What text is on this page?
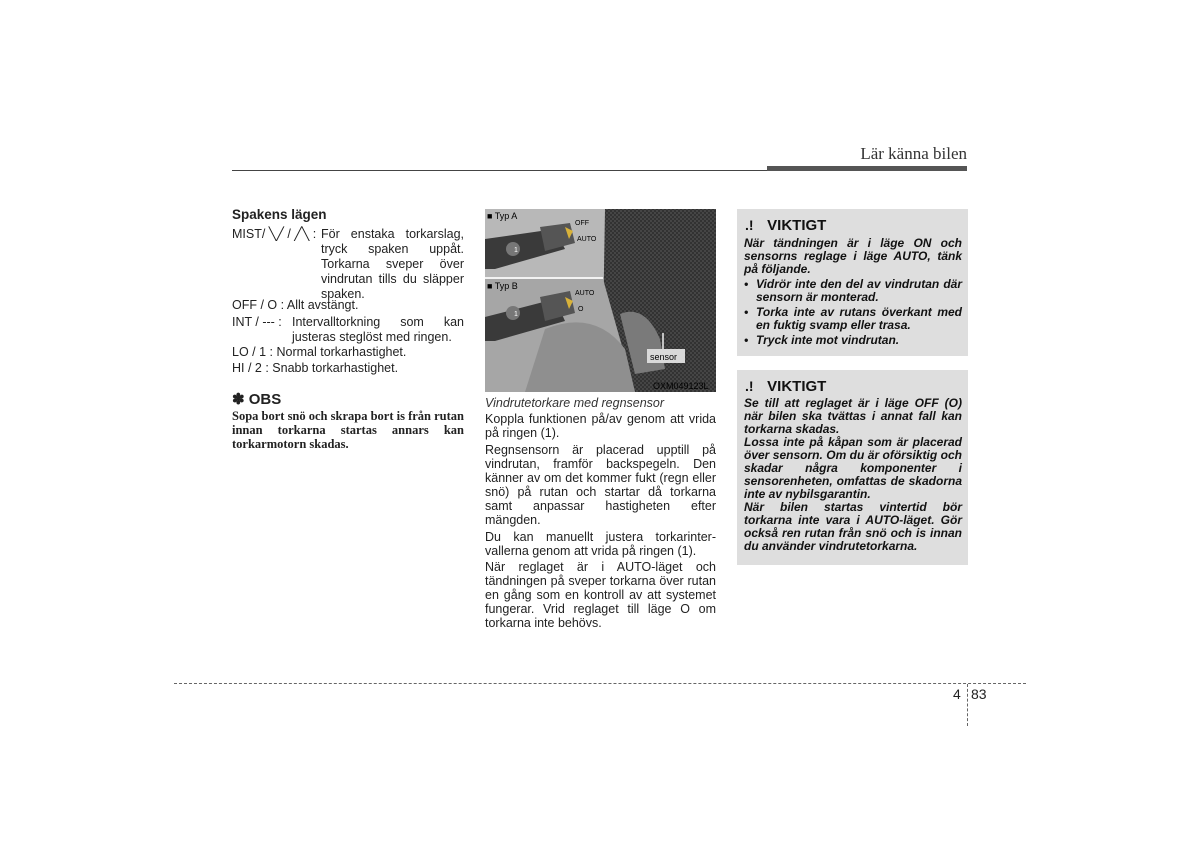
Lär känna bilen
Spakens lägen
MIST/ ╲╱ / ╱╲ : För enstaka torkarslag, tryck spaken uppåt. Torkarna sveper över vindrutan tills du släpper spaken.
OFF / O : Allt avstängt.
INT / --- : Intervalltorkning som kan justeras steglöst med ringen.
LO / 1 : Normal torkarhastighet.
HI / 2 : Snabb torkarhastighet.
✽ OBS
Sopa bort snö och skrapa bort is från rutan innan torkarna startas annars kan torkarmotorn skadas.
■ Typ A
OFF
AUTO
1
■ Typ B
AUTO
O
1
sensor
OXM049123L
Vindrutetorkare med regnsensor
Koppla funktionen på/av genom att vrida på ringen (1).
Regnsensorn är placerad upptill på vindrutan, framför backspegeln. Den känner av om det kommer fukt (regn eller snö) på rutan och startar då torkarna samt anpassar hastigheten efter mängden.
Du kan manuellt justera torkarinter-vallerna genom att vrida på ringen (1).
När reglaget är i AUTO-läget och tändningen på sveper torkarna över rutan en gång som en kontroll av att systemet fungerar. Vrid reglaget till läge O om torkarna inte behövs.
.! VIKTIGT

När tändningen är i läge ON och sensorns reglage i läge AUTO, tänk på följande.

• Vidrör inte den del av vindrutan där sensorn är monterad.
• Torka inte av rutans överkant med en fuktig svamp eller trasa.
• Tryck inte mot vindrutan.
.! VIKTIGT

Se till att reglaget är i läge OFF (O) när bilen ska tvättas i annat fall kan torkarna skadas.

Lossa inte på kåpan som är placerad över sensorn. Om du är oförsiktig och skadar några komponenter i sensorenheten, omfattas de skadorna inte av nybilsgarantin.

När bilen startas vintertid bör torkarna inte vara i AUTO-läget. Gör också ren rutan från snö och is innan du använder vindrutetorkarna.

4 83
